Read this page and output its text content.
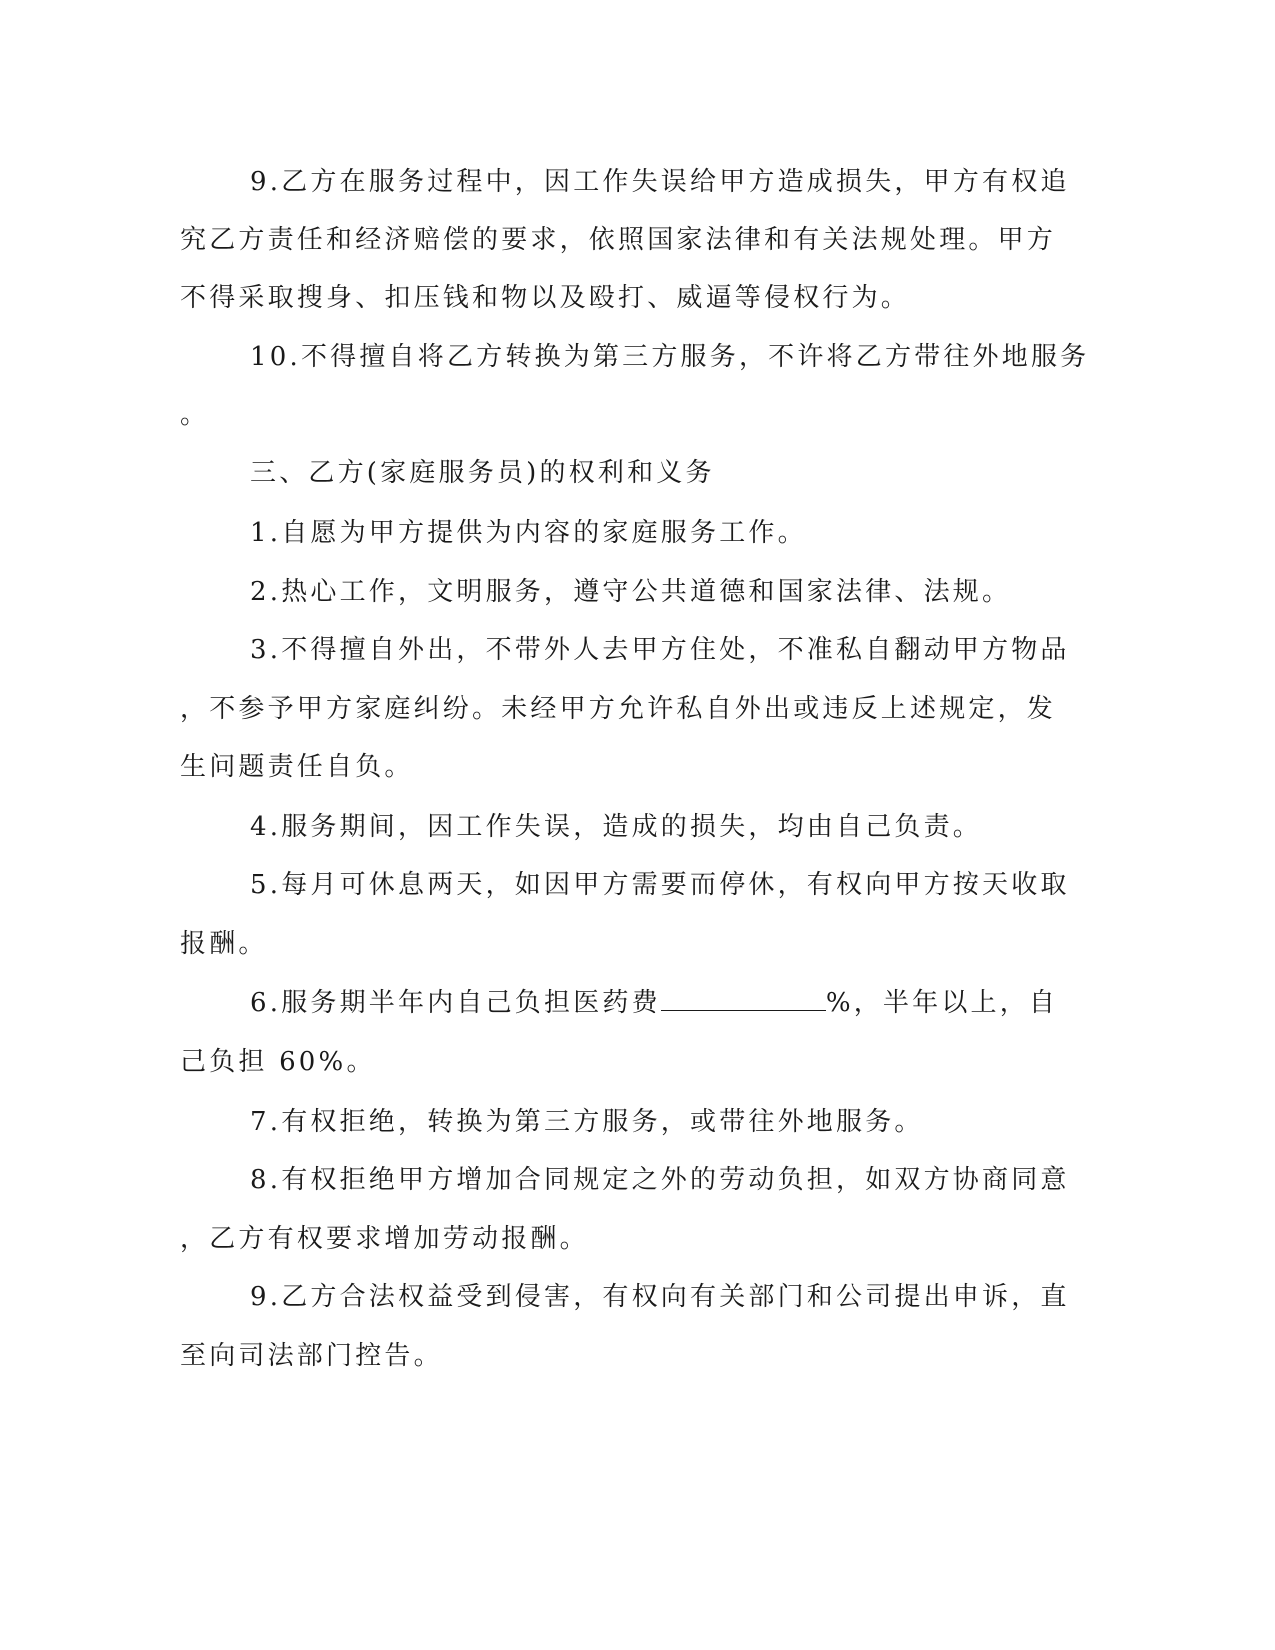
9.乙方在服务过程中，因工作失误给甲方造成损失，甲方有权追
究乙方责任和经济赔偿的要求，依照国家法律和有关法规处理。甲方
不得采取搜身、扣压钱和物以及殴打、威逼等侵权行为。
10.不得擅自将乙方转换为第三方服务，不许将乙方带往外地服务
。
三、乙方(家庭服务员)的权利和义务
1.自愿为甲方提供为内容的家庭服务工作。
2.热心工作，文明服务，遵守公共道德和国家法律、法规。
3.不得擅自外出，不带外人去甲方住处，不准私自翻动甲方物品
，不参予甲方家庭纠纷。未经甲方允许私自外出或违反上述规定，发
生问题责任自负。
4.服务期间，因工作失误，造成的损失，均由自己负责。
5.每月可休息两天，如因甲方需要而停休，有权向甲方按天收取
报酬。
6.服务期半年内自己负担医药费	%，半年以上，自
己负担 60%。
7.有权拒绝，转换为第三方服务，或带往外地服务。
8.有权拒绝甲方增加合同规定之外的劳动负担，如双方协商同意
，乙方有权要求增加劳动报酬。
9.乙方合法权益受到侵害，有权向有关部门和公司提出申诉，直
至向司法部门控告。
